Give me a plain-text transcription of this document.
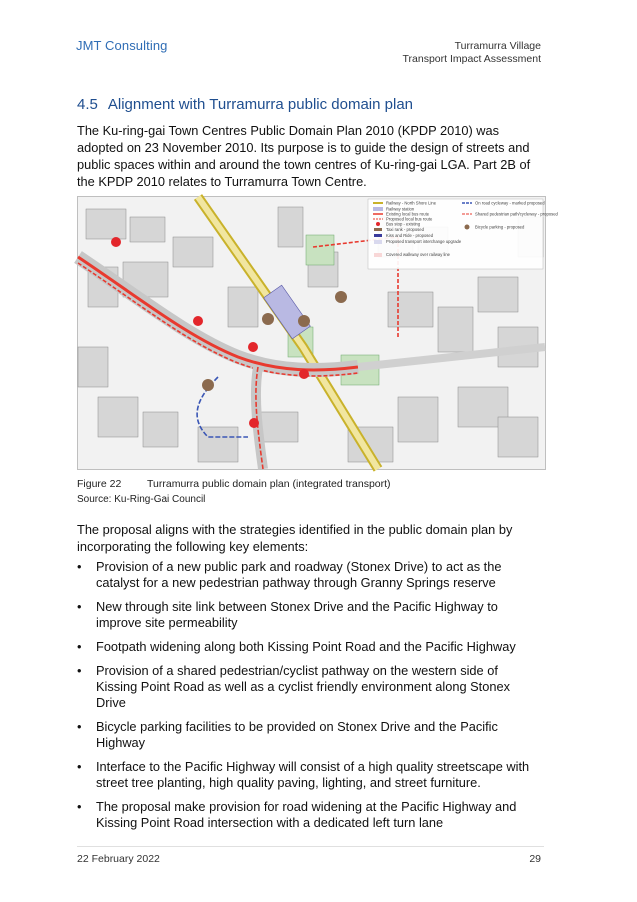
JMT Consulting	Turramurra Village
Transport Impact Assessment
4.5 Alignment with Turramurra public domain plan
The Ku-ring-gai Town Centres Public Domain Plan 2010 (KPDP 2010) was adopted on 23 November 2010. Its purpose is to guide the design of streets and public spaces within and around the town centres of Ku-ring-gai LGA. Part 2B of the KPDP 2010 relates to Turramurra Town Centre.
Railway - North Shore Line
Railway station
Existing local bus route
Proposed local bus route
Bus stop - existing
Taxi rank - proposed
Kiss and Ride - proposed
Proposed transport interchange upgrade
Covered walkway over railway line
On road cycleway - marked proposed
Shared pedestrian path/cycleway - proposed
Bicycle parking - proposed
Figure 22 Turramurra public domain plan (integrated transport)
Source: Ku-Ring-Gai Council
The proposal aligns with the strategies identified in the public domain plan by incorporating the following key elements:
• Provision of a new public park and roadway (Stonex Drive) to act as the catalyst for a new pedestrian pathway through Granny Springs reserve
• New through site link between Stonex Drive and the Pacific Highway to improve site permeability
• Footpath widening along both Kissing Point Road and the Pacific Highway
• Provision of a shared pedestrian/cyclist pathway on the western side of Kissing Point Road as well as a cyclist friendly environment along Stonex Drive
• Bicycle parking facilities to be provided on Stonex Drive and the Pacific Highway
• Interface to the Pacific Highway will consist of a high quality streetscape with street tree planting, high quality paving, lighting, and street furniture.
• The proposal make provision for road widening at the Pacific Highway and Kissing Point Road intersection with a dedicated left turn lane
22 February 2022	29
